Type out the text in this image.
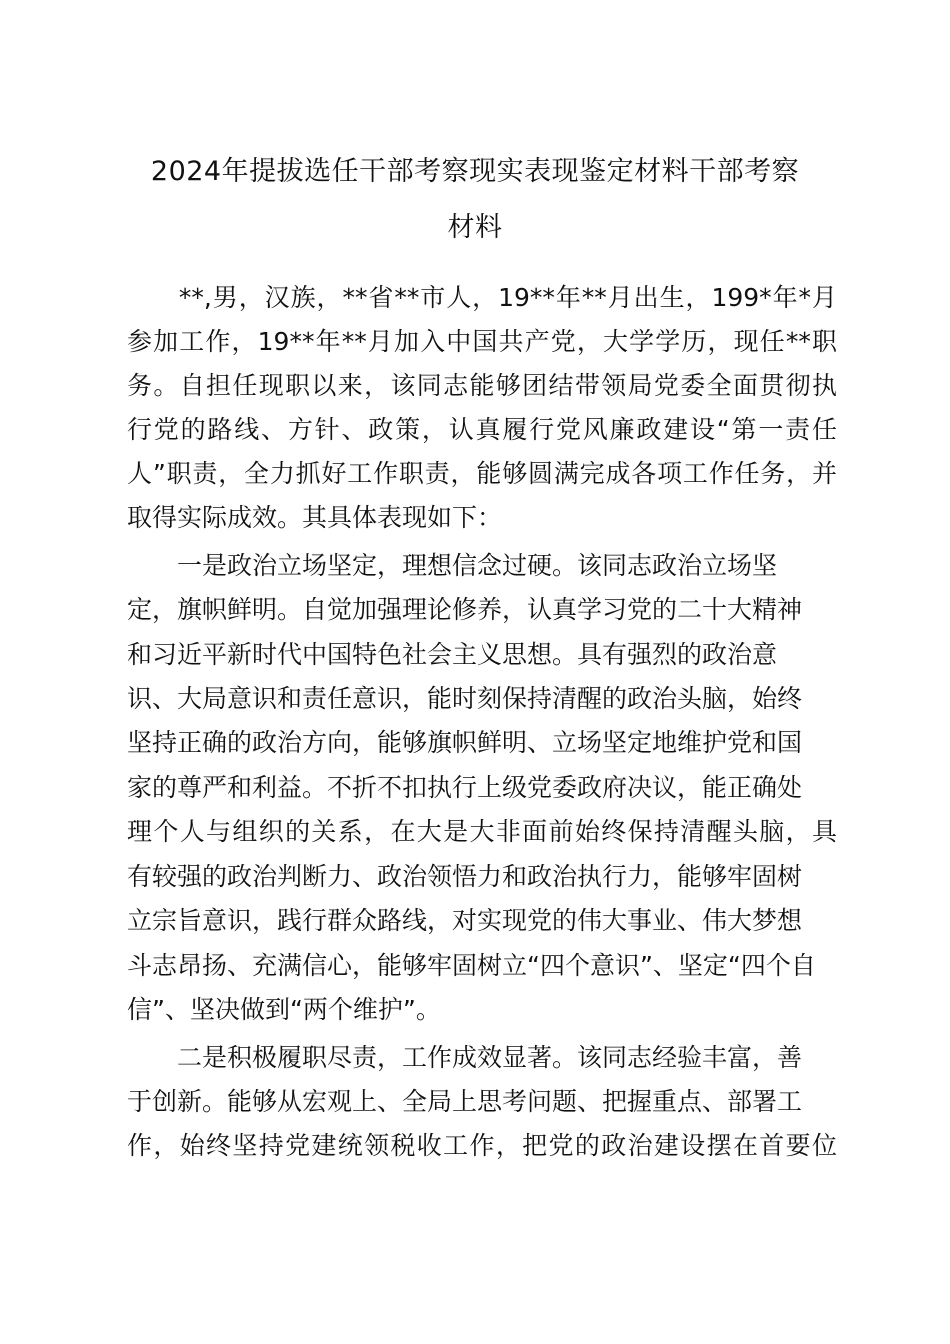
2024年提拔选任干部考察现实表现鉴定材料干部考察
材料
　　**,男，汉族，**省**市人，19**年**月出生，199*年*月
参加工作，19**年**月加入中国共产党，大学学历，现任**职
务。自担任现职以来，该同志能够团结带领局党委全面贯彻执
行党的路线、方针、政策，认真履行党风廉政建设“第一责任
人”职责，全力抓好工作职责，能够圆满完成各项工作任务，并
取得实际成效。其具体表现如下：
　　一是政治立场坚定，理想信念过硬。该同志政治立场坚
定，旗帜鲜明。自觉加强理论修养，认真学习党的二十大精神
和习近平新时代中国特色社会主义思想。具有强烈的政治意
识、大局意识和责任意识，能时刻保持清醒的政治头脑，始终
坚持正确的政治方向，能够旗帜鲜明、立场坚定地维护党和国
家的尊严和利益。不折不扣执行上级党委政府决议，能正确处
理个人与组织的关系，在大是大非面前始终保持清醒头脑，具
有较强的政治判断力、政治领悟力和政治执行力，能够牢固树
立宗旨意识，践行群众路线，对实现党的伟大事业、伟大梦想
斗志昂扬、充满信心，能够牢固树立“四个意识”、坚定“四个自
信”、坚决做到“两个维护”。
　　二是积极履职尽责，工作成效显著。该同志经验丰富，善
于创新。能够从宏观上、全局上思考问题、把握重点、部署工
作，始终坚持党建统领税收工作，把党的政治建设摆在首要位
